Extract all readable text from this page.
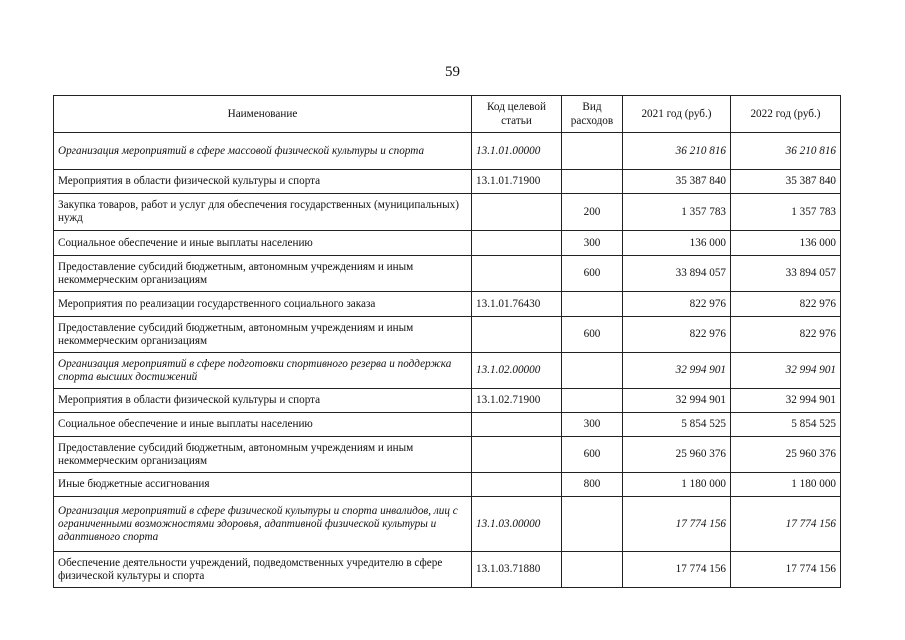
59
Наименование	Код целевой статьи	Вид расходов	2021 год (руб.)	2022 год (руб.)
Организация мероприятий в сфере массовой физической культуры и спорта	13.1.01.00000		36 210 816	36 210 816
Мероприятия в области физической культуры и спорта	13.1.01.71900		35 387 840	35 387 840
Закупка товаров, работ и услуг для обеспечения государственных (муниципальных) нужд		200	1 357 783	1 357 783
Социальное обеспечение и иные выплаты населению		300	136 000	136 000
Предоставление субсидий бюджетным, автономным учреждениям и иным некоммерческим организациям		600	33 894 057	33 894 057
Мероприятия по реализации государственного социального заказа	13.1.01.76430		822 976	822 976
Предоставление субсидий бюджетным, автономным учреждениям и иным некоммерческим организациям		600	822 976	822 976
Организация мероприятий в сфере подготовки спортивного резерва и поддержка спорта высших достижений	13.1.02.00000		32 994 901	32 994 901
Мероприятия в области физической культуры и спорта	13.1.02.71900		32 994 901	32 994 901
Социальное обеспечение и иные выплаты населению		300	5 854 525	5 854 525
Предоставление субсидий бюджетным, автономным учреждениям и иным некоммерческим организациям		600	25 960 376	25 960 376
Иные бюджетные ассигнования		800	1 180 000	1 180 000
Организация мероприятий в сфере физической культуры и спорта инвалидов, лиц с ограниченными возможностями здоровья, адаптивной физической культуры и адаптивного спорта	13.1.03.00000		17 774 156	17 774 156
Обеспечение деятельности учреждений, подведомственных учредителю в сфере физической культуры и спорта	13.1.03.71880		17 774 156	17 774 156
